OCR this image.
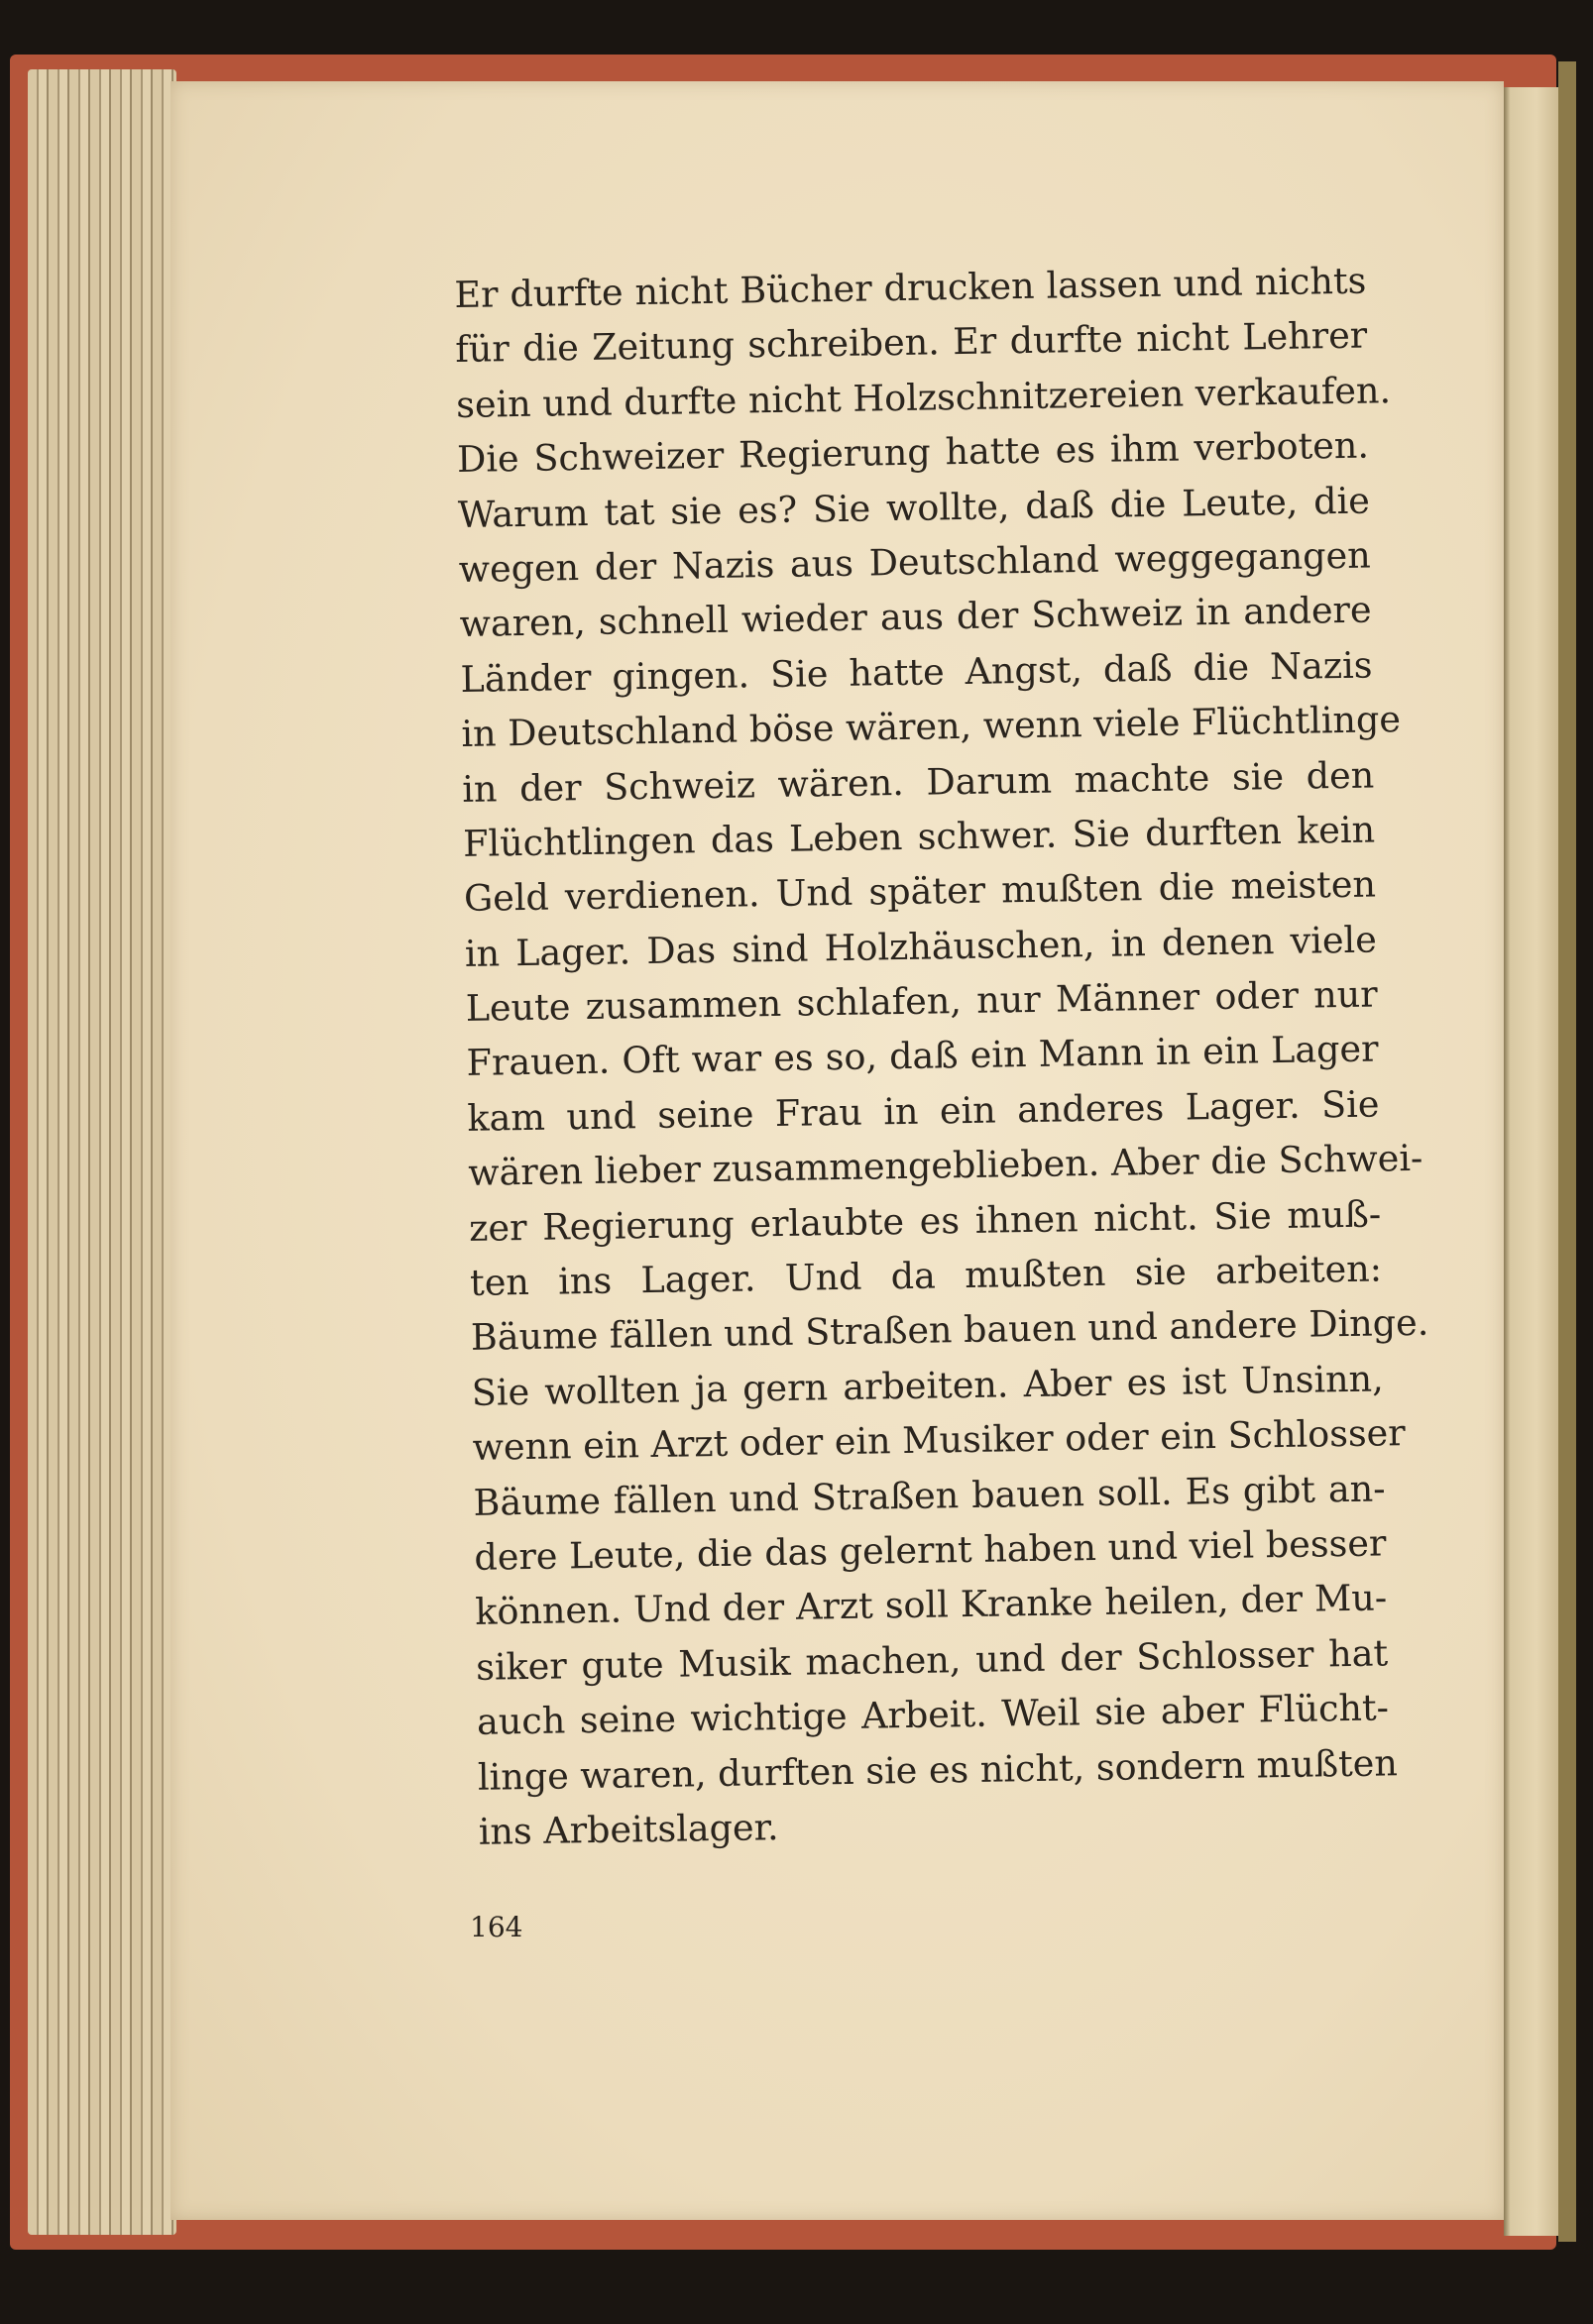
Er durfte nicht Bücher drucken lassen und nichts
für die Zeitung schreiben. Er durfte nicht Lehrer
sein und durfte nicht Holzschnitzereien verkaufen.
Die Schweizer Regierung hatte es ihm verboten.
Warum tat sie es? Sie wollte, daß die Leute, die
wegen der Nazis aus Deutschland weggegangen
waren, schnell wieder aus der Schweiz in andere
Länder gingen. Sie hatte Angst, daß die Nazis
in Deutschland böse wären, wenn viele Flüchtlinge
in der Schweiz wären. Darum machte sie den
Flüchtlingen das Leben schwer. Sie durften kein
Geld verdienen. Und später mußten die meisten
in Lager. Das sind Holzhäuschen, in denen viele
Leute zusammen schlafen, nur Männer oder nur
Frauen. Oft war es so, daß ein Mann in ein Lager
kam und seine Frau in ein anderes Lager. Sie
wären lieber zusammengeblieben. Aber die Schwei-
zer Regierung erlaubte es ihnen nicht. Sie muß-
ten ins Lager. Und da mußten sie arbeiten:
Bäume fällen und Straßen bauen und andere Dinge.
Sie wollten ja gern arbeiten. Aber es ist Unsinn,
wenn ein Arzt oder ein Musiker oder ein Schlosser
Bäume fällen und Straßen bauen soll. Es gibt an-
dere Leute, die das gelernt haben und viel besser
können. Und der Arzt soll Kranke heilen, der Mu-
siker gute Musik machen, und der Schlosser hat
auch seine wichtige Arbeit. Weil sie aber Flücht-
linge waren, durften sie es nicht, sondern mußten
ins Arbeitslager.
164
